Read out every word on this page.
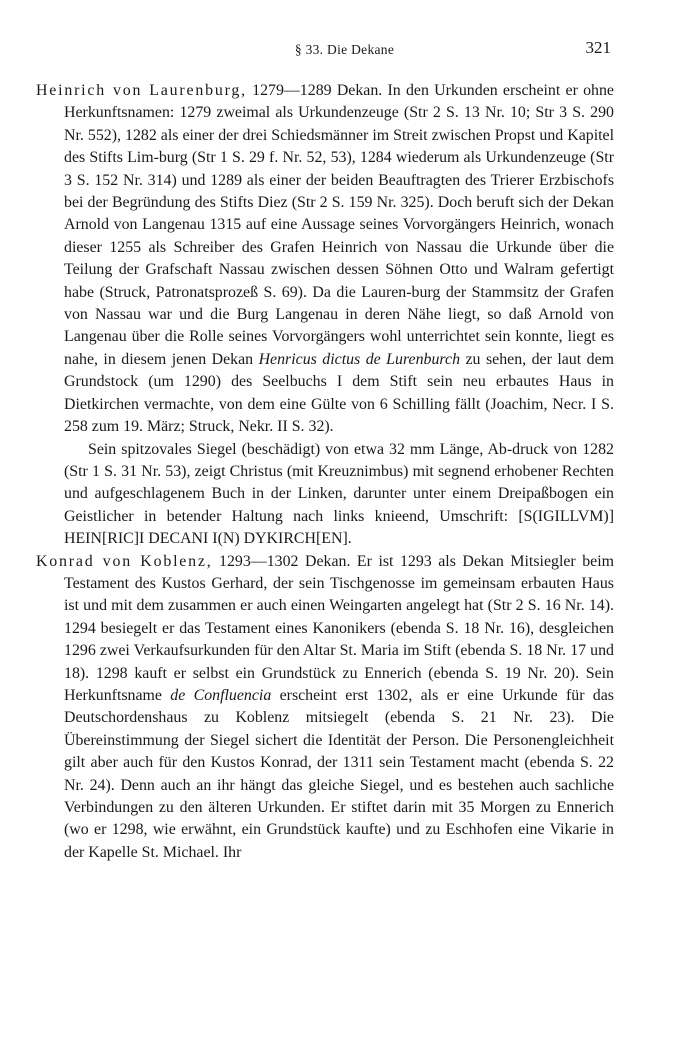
§ 33. Die Dekane	321

Heinrich von Laurenburg, 1279—1289 Dekan. In den Urkunden erscheint er ohne Herkunftsnamen: 1279 zweimal als Urkundenzeuge (Str 2 S. 13 Nr. 10; Str 3 S. 290 Nr. 552), 1282 als einer der drei Schiedsmänner im Streit zwischen Propst und Kapitel des Stifts Lim-burg (Str 1 S. 29 f. Nr. 52, 53), 1284 wiederum als Urkundenzeuge (Str 3 S. 152 Nr. 314) und 1289 als einer der beiden Beauftragten des Trierer Erzbischofs bei der Begründung des Stifts Diez (Str 2 S. 159 Nr. 325). Doch beruft sich der Dekan Arnold von Langenau 1315 auf eine Aussage seines Vorvorgängers Heinrich, wonach dieser 1255 als Schreiber des Grafen Heinrich von Nassau die Urkunde über die Teilung der Grafschaft Nassau zwischen dessen Söhnen Otto und Walram gefertigt habe (Struck, Patronatsprozeß S. 69). Da die Lauren-burg der Stammsitz der Grafen von Nassau war und die Burg Langenau in deren Nähe liegt, so daß Arnold von Langenau über die Rolle seines Vorvorgängers wohl unterrichtet sein konnte, liegt es nahe, in diesem jenen Dekan Henricus dictus de Lurenburch zu sehen, der laut dem Grundstock (um 1290) des Seelbuchs I dem Stift sein neu erbautes Haus in Dietkirchen vermachte, von dem eine Gülte von 6 Schilling fällt (Joachim, Necr. I S. 258 zum 19. März; Struck, Nekr. II S. 32).

Sein spitzovales Siegel (beschädigt) von etwa 32 mm Länge, Ab-druck von 1282 (Str 1 S. 31 Nr. 53), zeigt Christus (mit Kreuznimbus) mit segnend erhobener Rechten und aufgeschlagenem Buch in der Linken, darunter unter einem Dreipaßbogen ein Geistlicher in betender Haltung nach links knieend, Umschrift: [S(IGILLVM)] HEIN[RIC]I DECANI I(N) DYKIRCH[EN].

Konrad von Koblenz, 1293—1302 Dekan. Er ist 1293 als Dekan Mitsiegler beim Testament des Kustos Gerhard, der sein Tischgenosse im gemeinsam erbauten Haus ist und mit dem zusammen er auch einen Weingarten angelegt hat (Str 2 S. 16 Nr. 14). 1294 besiegelt er das Testament eines Kanonikers (ebenda S. 18 Nr. 16), desgleichen 1296 zwei Verkaufsurkunden für den Altar St. Maria im Stift (ebenda S. 18 Nr. 17 und 18). 1298 kauft er selbst ein Grundstück zu Ennerich (ebenda S. 19 Nr. 20). Sein Herkunftsname de Confluencia erscheint erst 1302, als er eine Urkunde für das Deutschordenshaus zu Koblenz mitsiegelt (ebenda S. 21 Nr. 23). Die Übereinstimmung der Siegel sichert die Identität der Person. Die Personengleichheit gilt aber auch für den Kustos Konrad, der 1311 sein Testament macht (ebenda S. 22 Nr. 24). Denn auch an ihr hängt das gleiche Siegel, und es bestehen auch sachliche Verbindungen zu den älteren Urkunden. Er stiftet darin mit 35 Morgen zu Ennerich (wo er 1298, wie erwähnt, ein Grundstück kaufte) und zu Eschhofen eine Vikarie in der Kapelle St. Michael. Ihr
